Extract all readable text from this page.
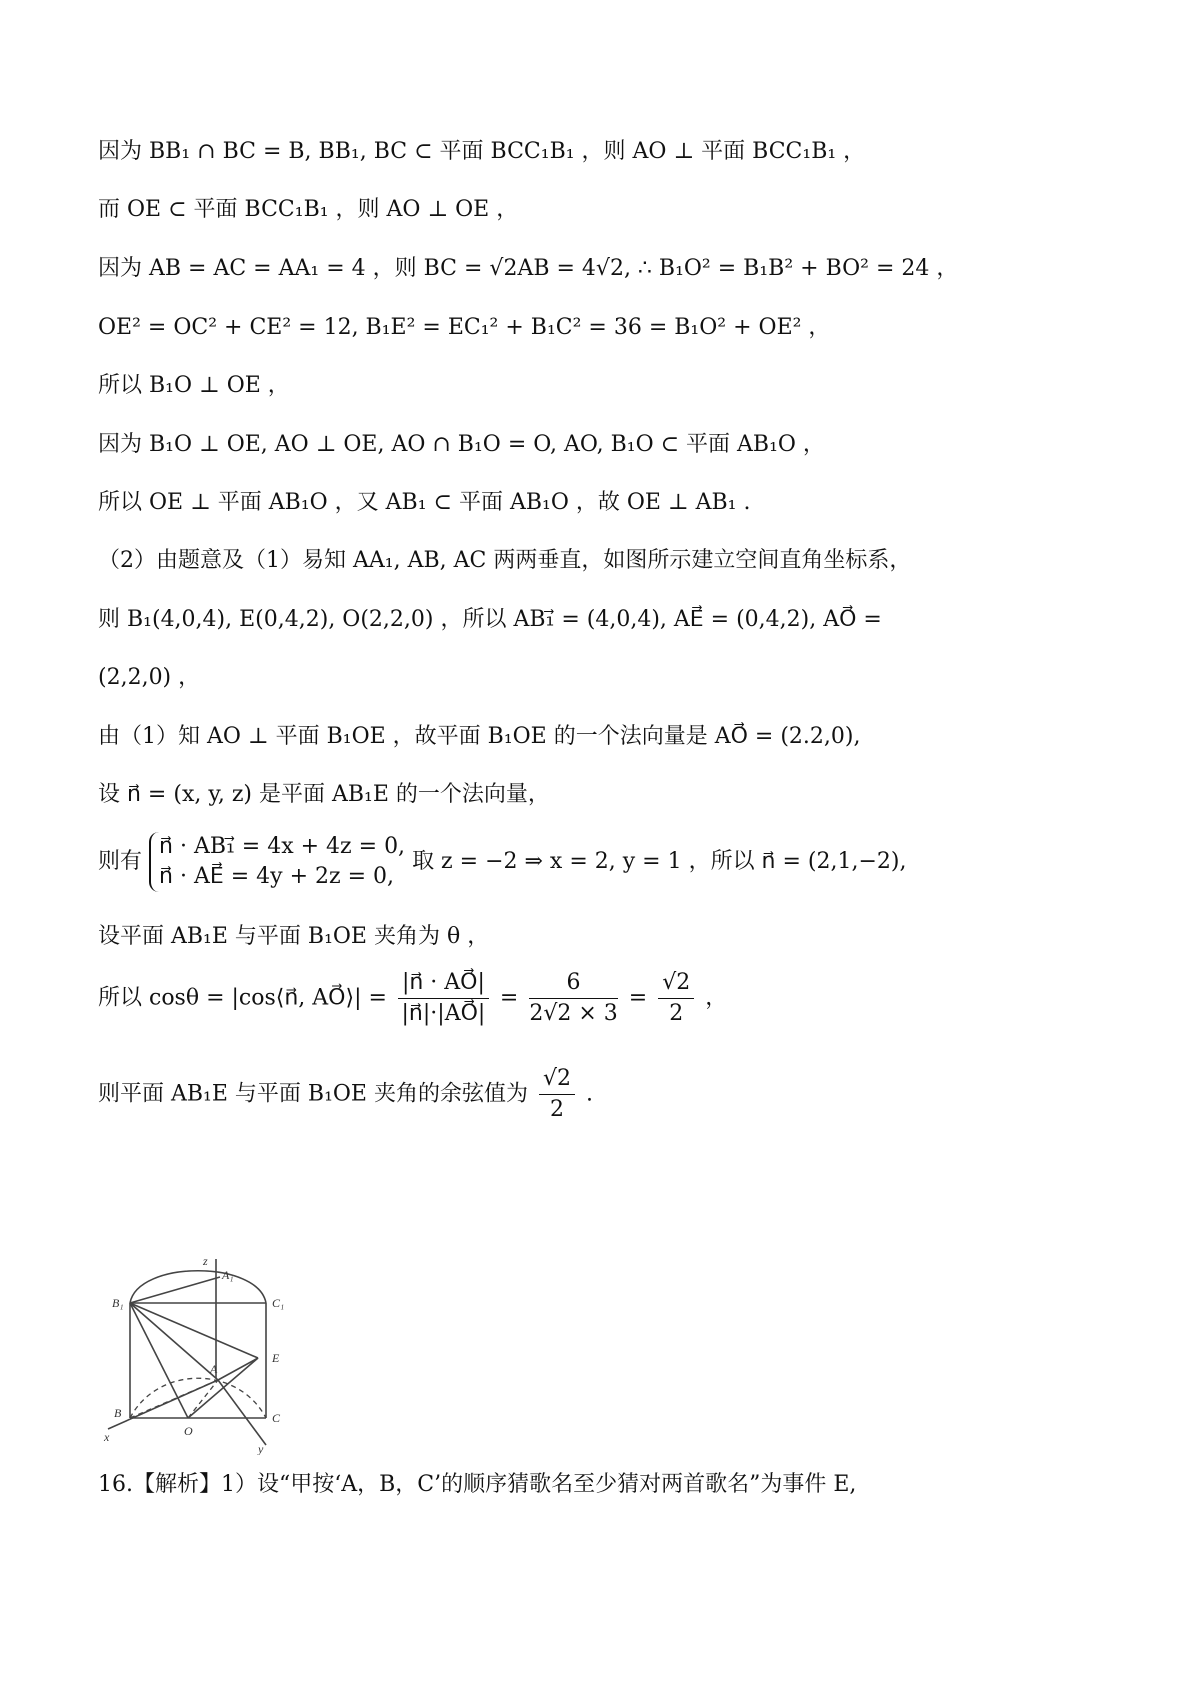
因为 BB₁ ∩ BC = B, BB₁, BC ⊂ 平面 BCC₁B₁ ，则 AO ⊥ 平面 BCC₁B₁ ，
而 OE ⊂ 平面 BCC₁B₁ ，则 AO ⊥ OE ，
因为 AB = AC = AA₁ = 4 ，则 BC = √2AB = 4√2, ∴ B₁O² = B₁B² + BO² = 24 ，
OE² = OC² + CE² = 12, B₁E² = EC₁² + B₁C² = 36 = B₁O² + OE² ，
所以 B₁O ⊥ OE ，
因为 B₁O ⊥ OE, AO ⊥ OE, AO ∩ B₁O = O, AO, B₁O ⊂ 平面 AB₁O ，
所以 OE ⊥ 平面 AB₁O ，又 AB₁ ⊂ 平面 AB₁O ，故 OE ⊥ AB₁ .
（2）由题意及（1）易知 AA₁, AB, AC 两两垂直，如图所示建立空间直角坐标系，
则 B₁(4,0,4), E(0,4,2), O(2,2,0) ，所以 AB₁⃗ = (4,0,4), AE⃗ = (0,4,2), AO⃗ =
(2,2,0) ，
由（1）知 AO ⊥ 平面 B₁OE ，故平面 B₁OE 的一个法向量是 AO⃗ = (2.2,0),
设 n⃗ = (x, y, z) 是平面 AB₁E 的一个法向量，
则有
n⃗ · AB₁⃗ = 4x + 4z = 0,
n⃗ · AE⃗ = 4y + 2z = 0,
取 z = −2 ⇒ x = 2, y = 1 ，所以 n⃗ = (2,1,−2),
设平面 AB₁E 与平面 B₁OE 夹角为 θ ，
所以 cosθ = |cos⟨n⃗, AO⃗⟩| = $\frac{|n⃗ \cdot AO⃗|}{|n⃗|\cdot|AO⃗|} = \frac{6}{2√2 \times 3} = \frac{√2}{2}$ ，
则平面 AB₁E 与平面 B₁OE 夹角的余弦值为 $\frac{√2}{2}$ .
z
A₁
B₁	C₁
A
E
B
O
C
x
y
16.【解析】1）设“甲按‘A，B，C’的顺序猜歌名至少猜对两首歌名”为事件 E,
